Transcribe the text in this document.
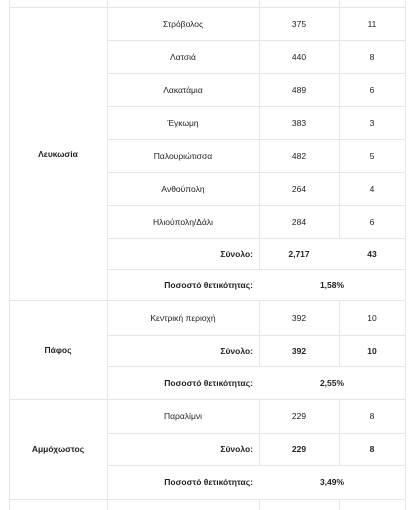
Λευκωσία
Στρόβολος	375	11
Λατσιά	440	8
Λακατάμια	489	6
Έγκωμη	383	3
Παλουριώτισσα	482	5
Ανθούπολη	264	4
Ηλιούπολη/Δάλι	284	6
Σύνολο:	2,717	43
Ποσοστό θετικότητας:	1,58%
Πάφος
Κεντρική περιοχή	392	10
Σύνολο:	392	10
Ποσοστό θετικότητας:	2,55%
Αμμόχωστος
Παραλίμνι	229	8
Σύνολο:	229	8
Ποσοστό θετικότητας:	3,49%
